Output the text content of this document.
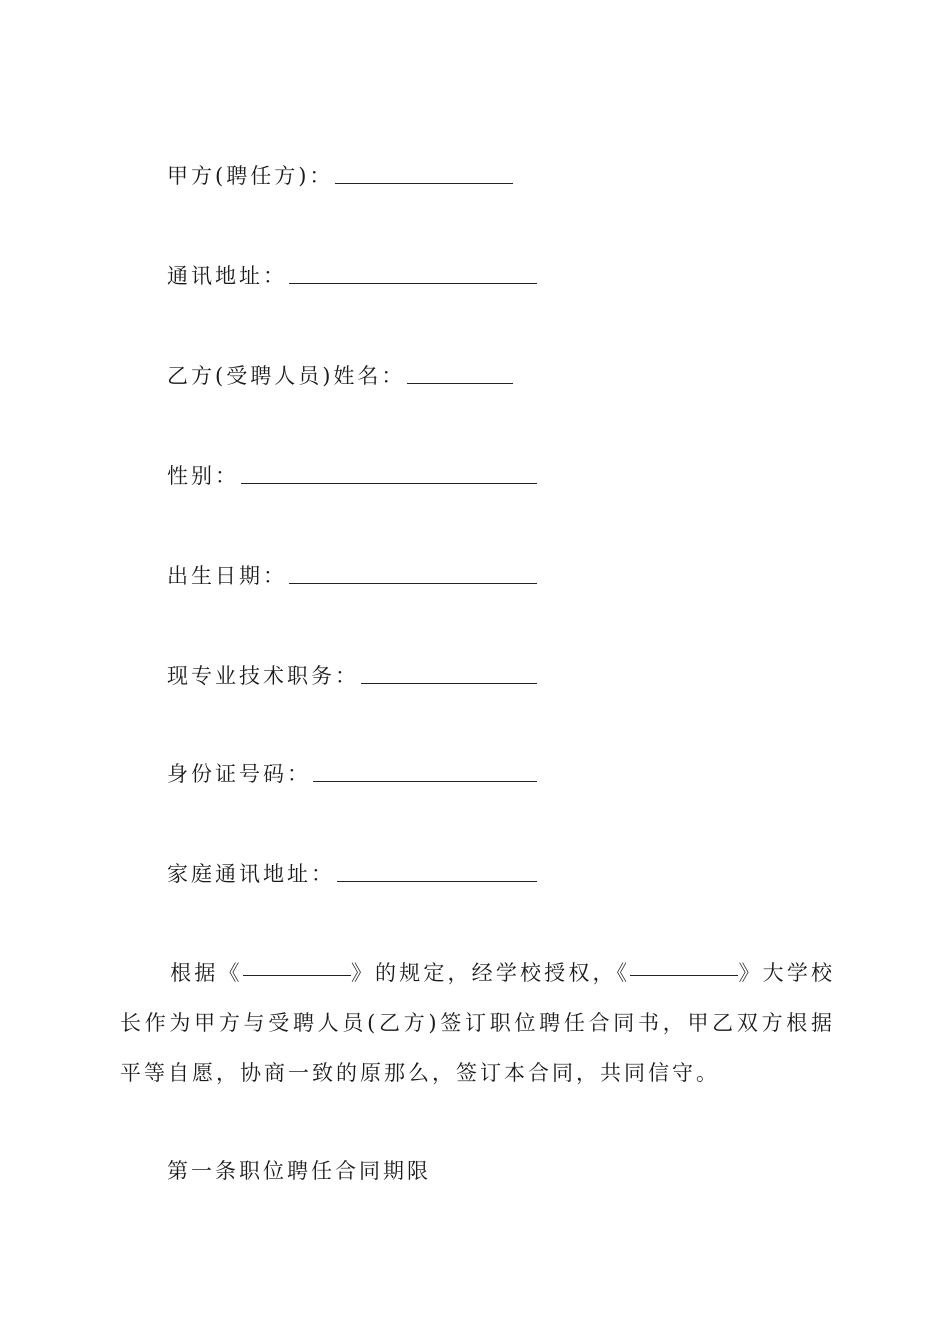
甲方(聘任方)：
通讯地址：
乙方(受聘人员)姓名：
性别：
出生日期：
现专业技术职务：
身份证号码：
家庭通讯地址：
根据《	》的规定，经学校授权，《	》大学校长作为甲方与受聘人员(乙方)签订职位聘任合同书，甲乙双方根据平等自愿，协商一致的原那么，签订本合同，共同信守。
第一条职位聘任合同期限
